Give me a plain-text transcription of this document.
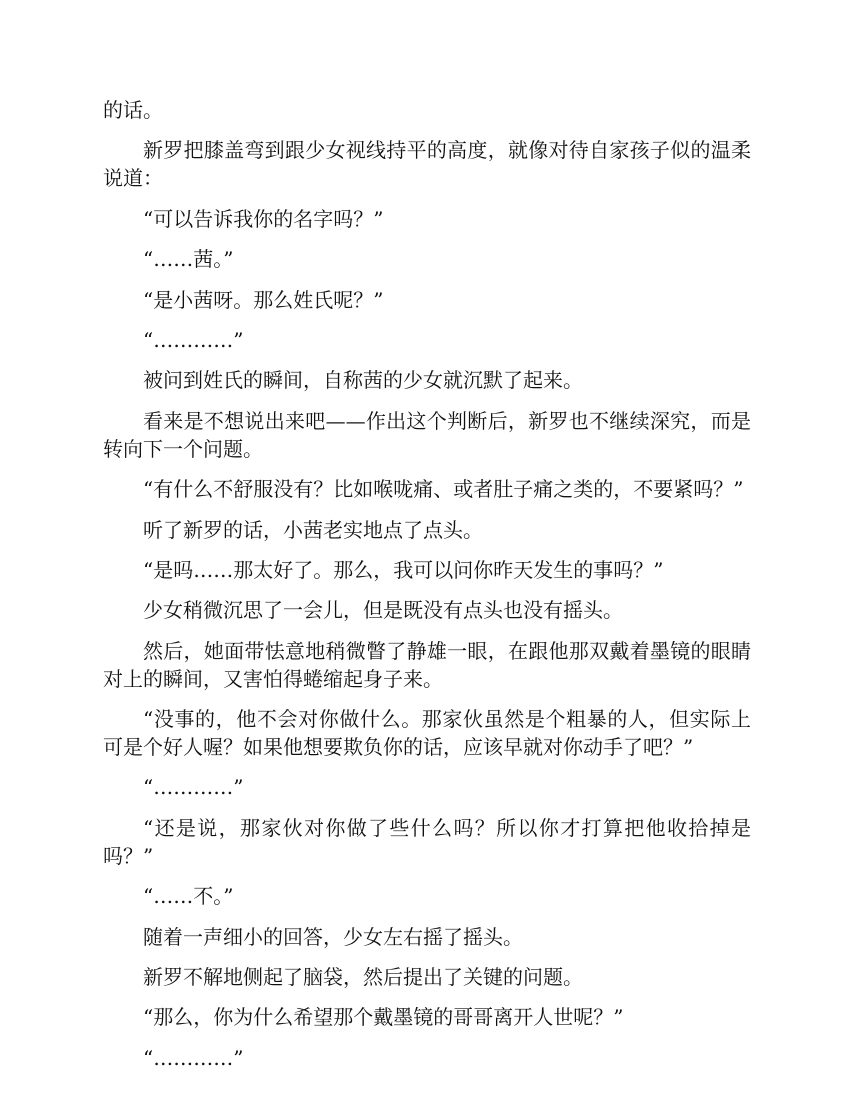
的话。

新罗把膝盖弯到跟少女视线持平的高度，就像对待自家孩子似的温柔说道：

“可以告诉我你的名字吗？”

“……茜。”

“是小茜呀。那么姓氏呢？”

“…………”

被问到姓氏的瞬间，自称茜的少女就沉默了起来。

看来是不想说出来吧——作出这个判断后，新罗也不继续深究，而是转向下一个问题。

“有什么不舒服没有？比如喉咙痛、或者肚子痛之类的，不要紧吗？”

听了新罗的话，小茜老实地点了点头。

“是吗……那太好了。那么，我可以问你昨天发生的事吗？”

少女稍微沉思了一会儿，但是既没有点头也没有摇头。

然后，她面带怯意地稍微瞥了静雄一眼，在跟他那双戴着墨镜的眼睛对上的瞬间，又害怕得蜷缩起身子来。

“没事的，他不会对你做什么。那家伙虽然是个粗暴的人，但实际上可是个好人喔？如果他想要欺负你的话，应该早就对你动手了吧？”

“…………”

“还是说，那家伙对你做了些什么吗？所以你才打算把他收拾掉是吗？”

“……不。”

随着一声细小的回答，少女左右摇了摇头。

新罗不解地侧起了脑袋，然后提出了关键的问题。

“那么，你为什么希望那个戴墨镜的哥哥离开人世呢？”

“…………”
